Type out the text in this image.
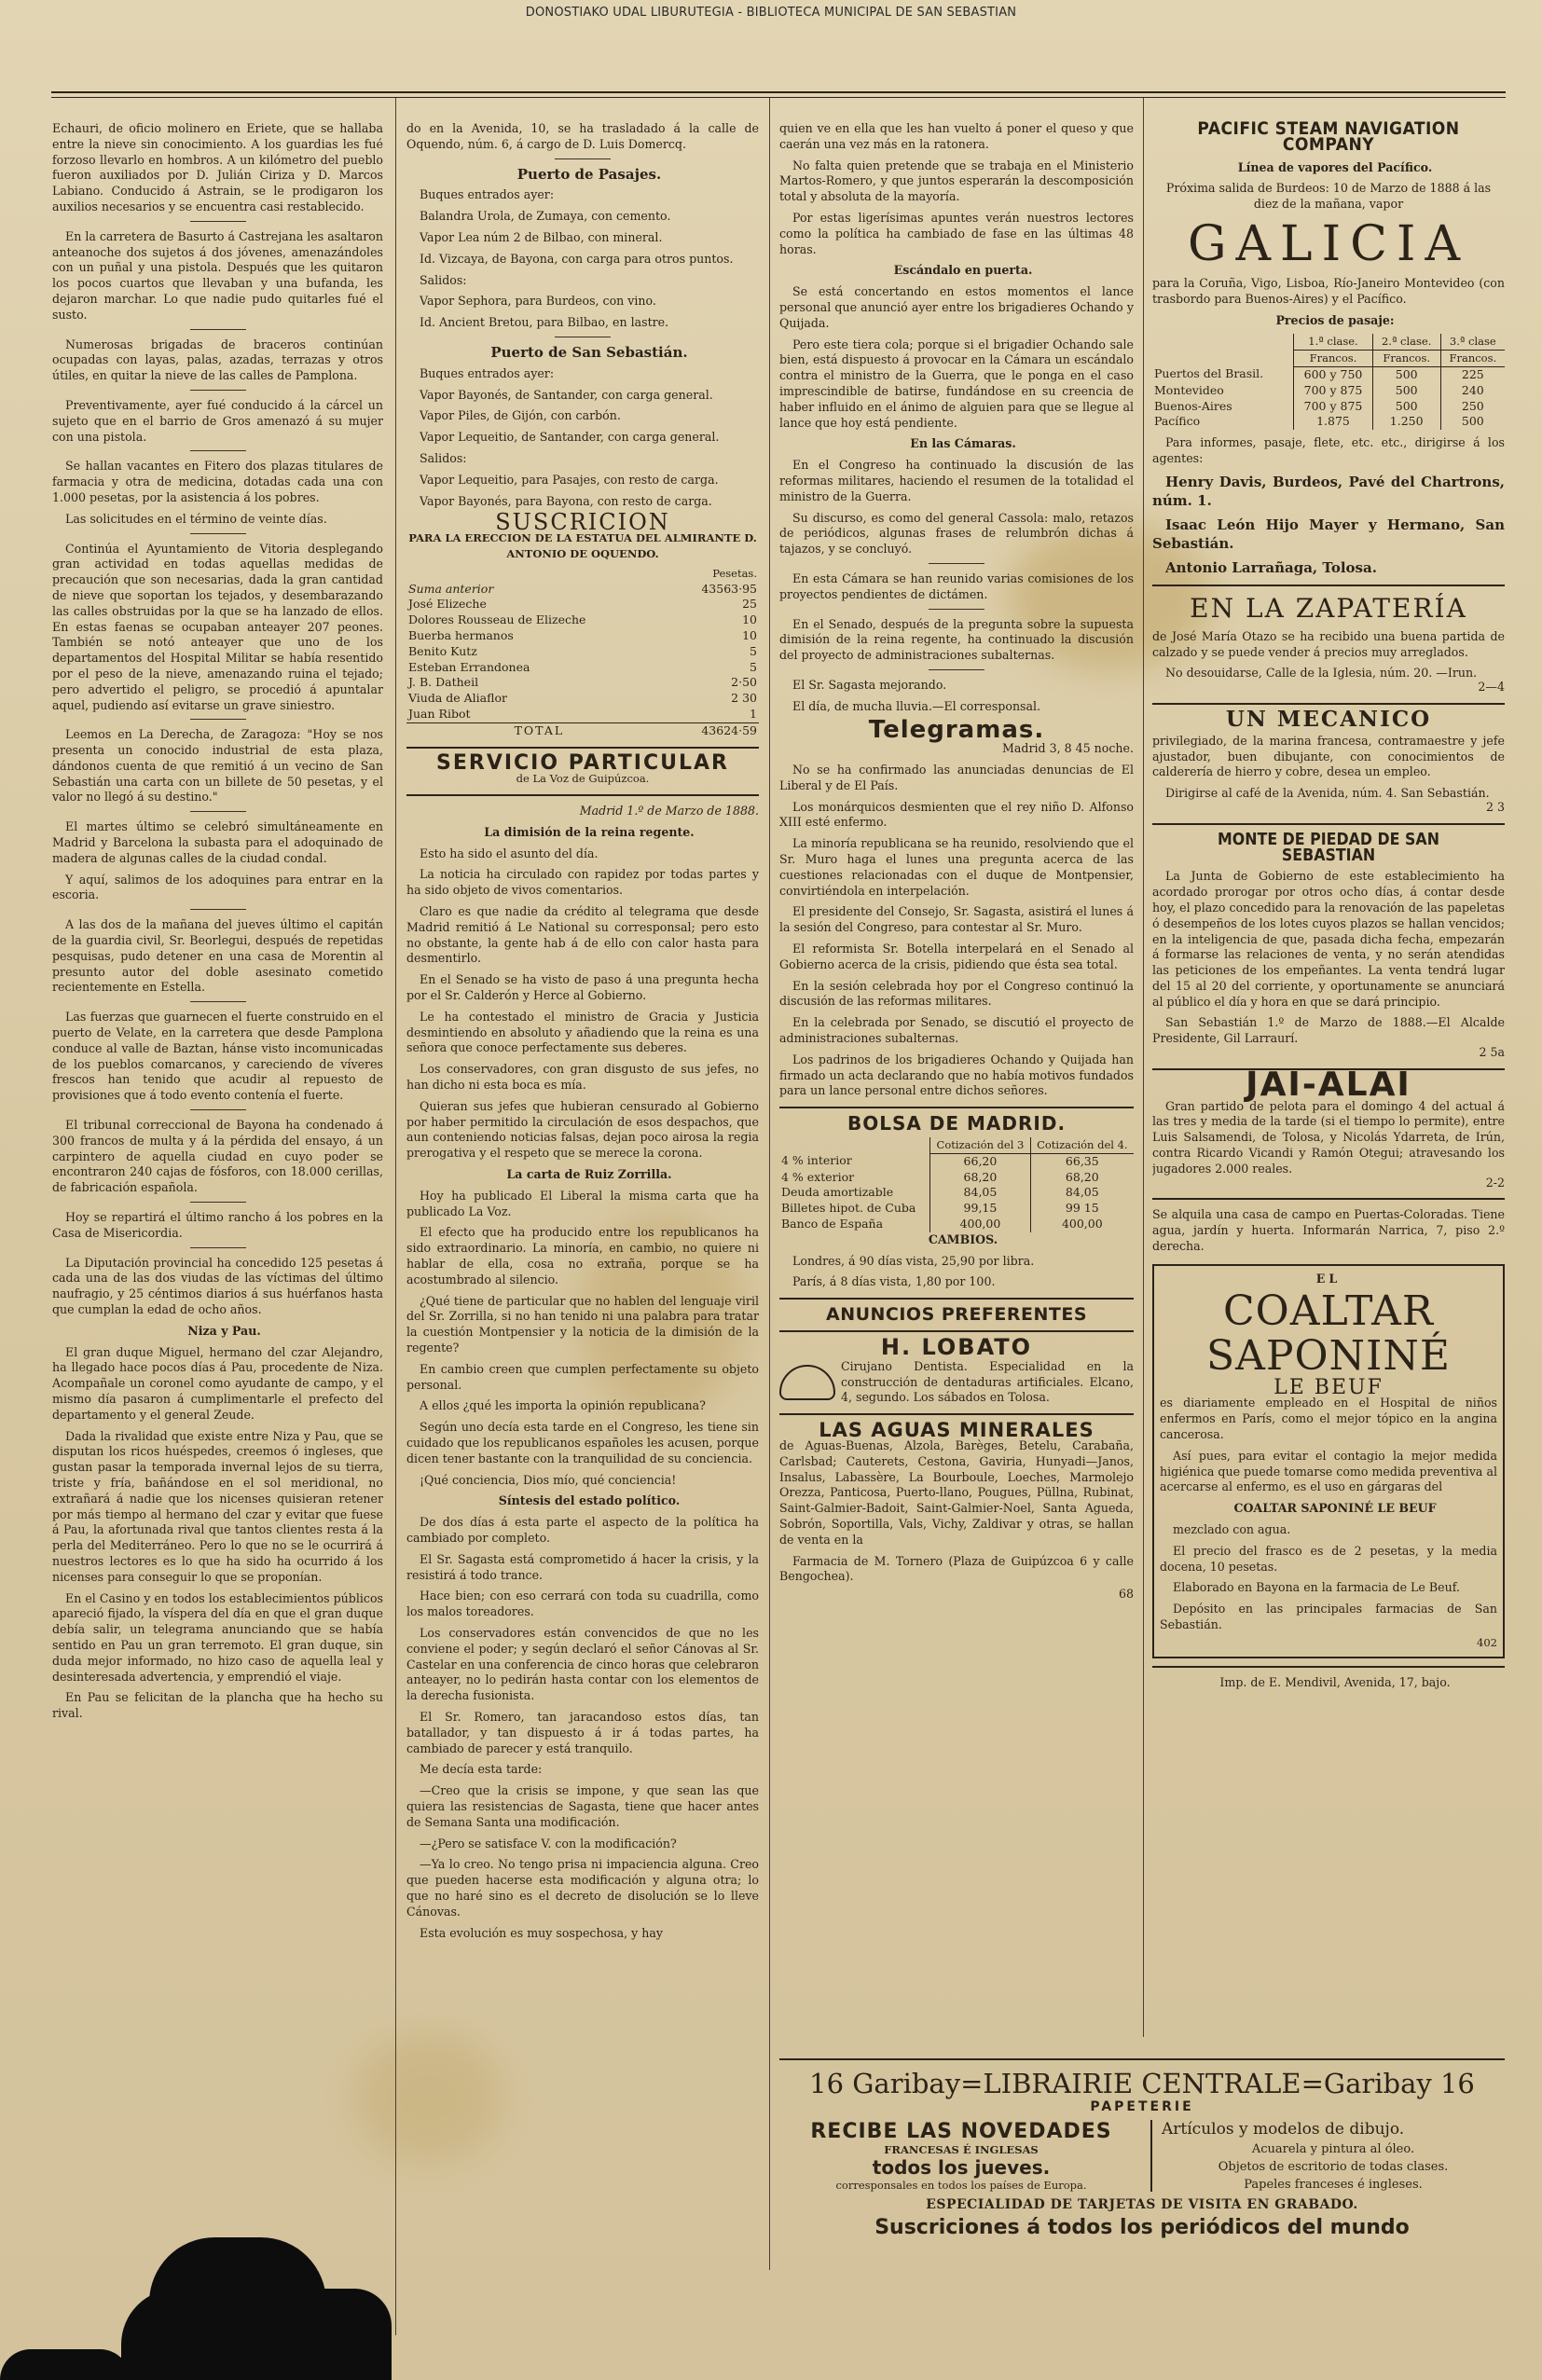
DONOSTIAKO UDAL LIBURUTEGIA - BIBLIOTECA MUNICIPAL DE SAN SEBASTIAN

Echauri, de oficio molinero en Eriete, que se hallaba entre la nieve sin conocimiento. A los guardias les fué forzoso llevarlo en hombros. A un kilómetro del pueblo fueron auxiliados por D. Julián Ciriza y D. Marcos Labiano. Conducido á Astrain, se le prodigaron los auxilios necesarios y se encuentra casi restablecido.

En la carretera de Basurto á Castrejana les asaltaron anteanoche dos sujetos á dos jóvenes, amenazándoles con un puñal y una pistola. Después que les quitaron los pocos cuartos que llevaban y una bufanda, les dejaron marchar. Lo que nadie pudo quitarles fué el susto.

Numerosas brigadas de braceros continúan ocupadas con layas, palas, azadas, terrazas y otros útiles, en quitar la nieve de las calles de Pamplona.

Preventivamente, ayer fué conducido á la cárcel un sujeto que en el barrio de Gros amenazó á su mujer con una pistola.

Se hallan vacantes en Fitero dos plazas titulares de farmacia y otra de medicina, dotadas cada una con 1.000 pesetas, por la asistencia á los pobres.

Las solicitudes en el término de veinte días.

Continúa el Ayuntamiento de Vitoria desplegando gran actividad en todas aquellas medidas de precaución que son necesarias, dada la gran cantidad de nieve que soportan los tejados, y desembarazando las calles obstruidas por la que se ha lanzado de ellos. En estas faenas se ocupaban anteayer 207 peones. También se notó anteayer que uno de los departamentos del Hospital Militar se había resentido por el peso de la nieve, amenazando ruina el tejado; pero advertido el peligro, se procedió á apuntalar aquel, pudiendo así evitarse un grave siniestro.

Leemos en La Derecha, de Zaragoza: "Hoy se nos presenta un conocido industrial de esta plaza, dándonos cuenta de que remitió á un vecino de San Sebastián una carta con un billete de 50 pesetas, y el valor no llegó á su destino."

El martes último se celebró simultáneamente en Madrid y Barcelona la subasta para el adoquinado de madera de algunas calles de la ciudad condal.

Y aquí, salimos de los adoquines para entrar en la escoria.

A las dos de la mañana del jueves último el capitán de la guardia civil, Sr. Beorlegui, después de repetidas pesquisas, pudo detener en una casa de Morentin al presunto autor del doble asesinato cometido recientemente en Estella.

Las fuerzas que guarnecen el fuerte construido en el puerto de Velate, en la carretera que desde Pamplona conduce al valle de Baztan, hánse visto incomunicadas de los pueblos comarcanos, y careciendo de víveres frescos han tenido que acudir al repuesto de provisiones que á todo evento contenía el fuerte.

El tribunal correccional de Bayona ha condenado á 300 francos de multa y á la pérdida del ensayo, á un carpintero de aquella ciudad en cuyo poder se encontraron 240 cajas de fósforos, con 18.000 cerillas, de fabricación española.

Hoy se repartirá el último rancho á los pobres en la Casa de Misericordia.

La Diputación provincial ha concedido 125 pesetas á cada una de las dos viudas de las víctimas del último naufragio, y 25 céntimos diarios á sus huérfanos hasta que cumplan la edad de ocho años.

Niza y Pau.

El gran duque Miguel, hermano del czar Alejandro, ha llegado hace pocos días á Pau, procedente de Niza. Acompañale un coronel como ayudante de campo, y el mismo día pasaron á cumplimentarle el prefecto del departamento y el general Zeude.

Dada la rivalidad que existe entre Niza y Pau, que se disputan los ricos huéspedes, creemos ó ingleses, que gustan pasar la temporada invernal lejos de su tierra, triste y fría, bañándose en el sol meridional, no extrañará á nadie que los nicenses quisieran retener por más tiempo al hermano del czar y evitar que fuese á Pau, la afortunada rival que tantos clientes resta á la perla del Mediterráneo. Pero lo que no se le ocurrirá á nuestros lectores es lo que ha sido ha ocurrido á los nicenses para conseguir lo que se proponían.

En el Casino y en todos los establecimientos públicos apareció fijado, la víspera del día en que el gran duque debía salir, un telegrama anunciando que se había sentido en Pau un gran terremoto. El gran duque, sin duda mejor informado, no hizo caso de aquella leal y desinteresada advertencia, y emprendió el viaje.

En Pau se felicitan de la plancha que ha hecho su rival.

do en la Avenida, 10, se ha trasladado á la calle de Oquendo, núm. 6, á cargo de D. Luis Domercq.

Puerto de Pasajes.

Buques entrados ayer:

Balandra Urola, de Zumaya, con cemento.

Vapor Lea núm 2 de Bilbao, con mineral.

Id. Vizcaya, de Bayona, con carga para otros puntos.

Salidos:

Vapor Sephora, para Burdeos, con vino.

Id. Ancient Bretou, para Bilbao, en lastre.

Puerto de San Sebastián.

Buques entrados ayer:

Vapor Bayonés, de Santander, con carga general.

Vapor Piles, de Gijón, con carbón.

Vapor Lequeitio, de Santander, con carga general.

Salidos:

Vapor Lequeitio, para Pasajes, con resto de carga.

Vapor Bayonés, para Bayona, con resto de carga.

SUSCRICION
PARA LA ERECCION DE LA ESTATUA DEL ALMIRANTE D. ANTONIO DE OQUENDO.
	Pesetas.
Suma anterior	43563·95
José Elizeche	25
Dolores Rousseau de Elizeche	10
Buerba hermanos	10
Benito Kutz	5
Esteban Errandonea	5
J. B. Datheil	2·50
Viuda de Aliaflor	2 30
Juan Ribot	1
TOTAL	43624·59
SERVICIO PARTICULAR
de La Voz de Guipúzcoa.

Madrid 1.º de Marzo de 1888.

La dimisión de la reina regente.

Esto ha sido el asunto del día.

La noticia ha circulado con rapidez por todas partes y ha sido objeto de vivos comentarios.

Claro es que nadie da crédito al telegrama que desde Madrid remitió á Le National su corresponsal; pero esto no obstante, la gente hab á de ello con calor hasta para desmentirlo.

En el Senado se ha visto de paso á una pregunta hecha por el Sr. Calderón y Herce al Gobierno.

Le ha contestado el ministro de Gracia y Justicia desmintiendo en absoluto y añadiendo que la reina es una señora que conoce perfectamente sus deberes.

Los conservadores, con gran disgusto de sus jefes, no han dicho ni esta boca es mía.

Quieran sus jefes que hubieran censurado al Gobierno por haber permitido la circulación de esos despachos, que aun conteniendo noticias falsas, dejan poco airosa la regia prerogativa y el respeto que se merece la corona.

La carta de Ruiz Zorrilla.

Hoy ha publicado El Liberal la misma carta que ha publicado La Voz.

El efecto que ha producido entre los republicanos ha sido extraordinario. La minoría, en cambio, no quiere ni hablar de ella, cosa no extraña, porque se ha acostumbrado al silencio.

¿Qué tiene de particular que no hablen del lenguaje viril del Sr. Zorrilla, si no han tenido ni una palabra para tratar la cuestión Montpensier y la noticia de la dimisión de la regente?

En cambio creen que cumplen perfectamente su objeto personal.

A ellos ¿qué les importa la opinión republicana?

Según uno decía esta tarde en el Congreso, les tiene sin cuidado que los republicanos españoles les acusen, porque dicen tener bastante con la tranquilidad de su conciencia.

¡Qué conciencia, Dios mío, qué conciencia!

Síntesis del estado político.

De dos días á esta parte el aspecto de la política ha cambiado por completo.

El Sr. Sagasta está comprometido á hacer la crisis, y la resistirá á todo trance.

Hace bien; con eso cerrará con toda su cuadrilla, como los malos toreadores.

Los conservadores están convencidos de que no les conviene el poder; y según declaró el señor Cánovas al Sr. Castelar en una conferencia de cinco horas que celebraron anteayer, no lo pedirán hasta contar con los elementos de la derecha fusionista.

El Sr. Romero, tan jaracandoso estos días, tan batallador, y tan dispuesto á ir á todas partes, ha cambiado de parecer y está tranquilo.

Me decía esta tarde:

—Creo que la crisis se impone, y que sean las que quiera las resistencias de Sagasta, tiene que hacer antes de Semana Santa una modificación.

—¿Pero se satisface V. con la modificación?

—Ya lo creo. No tengo prisa ni impaciencia alguna. Creo que pueden hacerse esta modificación y alguna otra; lo que no haré sino es el decreto de disolución se lo lleve Cánovas.

Esta evolución es muy sospechosa, y hay

quien ve en ella que les han vuelto á poner el queso y que caerán una vez más en la ratonera.

No falta quien pretende que se trabaja en el Ministerio Martos-Romero, y que juntos esperarán la descomposición total y absoluta de la mayoría.

Por estas ligerísimas apuntes verán nuestros lectores como la política ha cambiado de fase en las últimas 48 horas.

Escándalo en puerta.

Se está concertando en estos momentos el lance personal que anunció ayer entre los brigadieres Ochando y Quijada.

Pero este tiera cola; porque si el brigadier Ochando sale bien, está dispuesto á provocar en la Cámara un escándalo contra el ministro de la Guerra, que le ponga en el caso imprescindible de batirse, fundándose en su creencia de haber influido en el ánimo de alguien para que se llegue al lance que hoy está pendiente.

En las Cámaras.

En el Congreso ha continuado la discusión de las reformas militares, haciendo el resumen de la totalidad el ministro de la Guerra.

Su discurso, es como del general Cassola: malo, retazos de periódicos, algunas frases de relumbrón dichas á tajazos, y se concluyó.

En esta Cámara se han reunido varias comisiones de los proyectos pendientes de dictámen.

En el Senado, después de la pregunta sobre la supuesta dimisión de la reina regente, ha continuado la discusión del proyecto de administraciones subalternas.

El Sr. Sagasta mejorando.

El día, de mucha lluvia.—El corresponsal.

Telegramas.

Madrid 3, 8 45 noche.

No se ha confirmado las anunciadas denuncias de El Liberal y de El País.

Los monárquicos desmienten que el rey niño D. Alfonso XIII esté enfermo.

La minoría republicana se ha reunido, resolviendo que el Sr. Muro haga el lunes una pregunta acerca de las cuestiones relacionadas con el duque de Montpensier, convirtiéndola en interpelación.

El presidente del Consejo, Sr. Sagasta, asistirá el lunes á la sesión del Congreso, para contestar al Sr. Muro.

El reformista Sr. Botella interpelará en el Senado al Gobierno acerca de la crisis, pidiendo que ésta sea total.

En la sesión celebrada hoy por el Congreso continuó la discusión de las reformas militares.

En la celebrada por Senado, se discutió el proyecto de administraciones subalternas.

Los padrinos de los brigadieres Ochando y Quijada han firmado un acta declarando que no había motivos fundados para un lance personal entre dichos señores.

BOLSA DE MADRID.
	Cotización del 3	Cotización del 4.
4 % interior	66,20	66,35
4 % exterior	68,20	68,20
Deuda amortizable	84,05	84,05
Billetes hipot. de Cuba	99,15	99 15
Banco de España	400,00	400,00

CAMBIOS.

Londres, á 90 días vista, 25,90 por libra.

París, á 8 días vista, 1,80 por 100.

ANUNCIOS PREFERENTES
H. LOBATO

Cirujano Dentista. Especialidad en la construcción de dentaduras artificiales. Elcano, 4, segundo. Los sábados en Tolosa.

LAS AGUAS MINERALES

de Aguas-Buenas, Alzola, Barèges, Betelu, Carabaña, Carlsbad; Cauterets, Cestona, Gaviria, Hunyadi—Janos, Insalus, Labassère, La Bourboule, Loeches, Marmolejo Orezza, Panticosa, Puerto-llano, Pougues, Püllna, Rubinat, Saint-Galmier-Badoit, Saint-Galmier-Noel, Santa Agueda, Sobrón, Soportilla, Vals, Vichy, Zaldivar y otras, se hallan de venta en la

Farmacia de M. Tornero (Plaza de Guipúzcoa 6 y calle Bengochea).

68

PACIFIC STEAM NAVIGATION COMPANY

Línea de vapores del Pacífico.

Próxima salida de Burdeos: 10 de Marzo de 1888 á las diez de la mañana, vapor

GALICIA

para la Coruña, Vigo, Lisboa, Río-Janeiro Montevideo (con trasbordo para Buenos-Aires) y el Pacífico.

Precios de pasaje:

	1.ª clase.	2.ª clase.	3.ª clase
	Francos.	Francos.	Francos.
Puertos del Brasil.	600 y 750	500	225
Montevideo	700 y 875	500	240
Buenos-Aires	700 y 875	500	250
Pacífico	1.875	1.250	500

Para informes, pasaje, flete, etc. etc., dirigirse á los agentes:

Henry Davis, Burdeos, Pavé del Chartrons, núm. 1.

Isaac León Hijo Mayer y Hermano, San Sebastián.

Antonio Larrañaga, Tolosa.

EN LA ZAPATERÍA

de José María Otazo se ha recibido una buena partida de calzado y se puede vender á precios muy arreglados.

No desouidarse, Calle de la Iglesia, núm. 20. —Irun.

2—4

UN MECANICO

privilegiado, de la marina francesa, contramaestre y jefe ajustador, buen dibujante, con conocimientos de calderería de hierro y cobre, desea un empleo.

Dirigirse al café de la Avenida, núm. 4. San Sebastián.

2 3

MONTE DE PIEDAD DE SAN SEBASTIAN

La Junta de Gobierno de este establecimiento ha acordado prorogar por otros ocho días, á contar desde hoy, el plazo concedido para la renovación de las papeletas ó desempeños de los lotes cuyos plazos se hallan vencidos; en la inteligencia de que, pasada dicha fecha, empezarán á formarse las relaciones de venta, y no serán atendidas las peticiones de los empeñantes. La venta tendrá lugar del 15 al 20 del corriente, y oportunamente se anunciará al público el día y hora en que se dará principio.

San Sebastián 1.º de Marzo de 1888.—El Alcalde Presidente, Gil Larraurí.

2 5a

JAI-ALAI

Gran partido de pelota para el domingo 4 del actual á las tres y media de la tarde (si el tiempo lo permite), entre Luis Salsamendi, de Tolosa, y Nicolás Ydarreta, de Irún, contra Ricardo Vicandi y Ramón Otegui; atravesando los jugadores 2.000 reales.

2-2

Se alquila una casa de campo en Puertas-Coloradas. Tiene agua, jardín y huerta. Informarán Narrica, 7, piso 2.º derecha.

EL
COALTAR SAPONINÉ
LE BEUF

es diariamente empleado en el Hospital de niños enfermos en París, como el mejor tópico en la angina cancerosa.

Así pues, para evitar el contagio la mejor medida higiénica que puede tomarse como medida preventiva al acercarse al enfermo, es el uso en gárgaras del

COALTAR SAPONINÉ LE BEUF

mezclado con agua.

El precio del frasco es de 2 pesetas, y la media docena, 10 pesetas.

Elaborado en Bayona en la farmacia de Le Beuf.

Depósito en las principales farmacias de San Sebastián.

402

Imp. de E. Mendivil, Avenida, 17, bajo.

16 Garibay=LIBRAIRIE CENTRALE=Garibay 16
PAPETERIE
RECIBE LAS NOVEDADES
FRANCESAS É INGLESAS
todos los jueves.
corresponsales en todos los países de Europa.
Artículos y modelos de dibujo.
Acuarela y pintura al óleo.
Objetos de escritorio de todas clases.
Papeles franceses é ingleses.
ESPECIALIDAD DE TARJETAS DE VISITA EN GRABADO.
Suscriciones á todos los periódicos del mundo
